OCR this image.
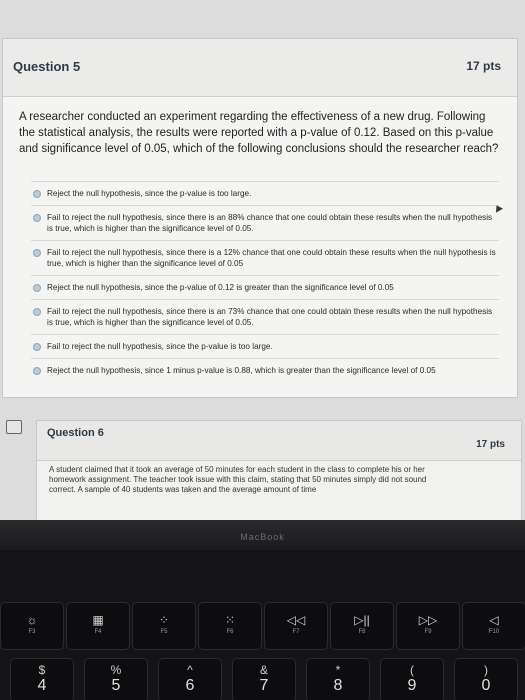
Question 5	17 pts
A researcher conducted an experiment regarding the effectiveness of a new drug. Following the statistical analysis, the results were reported with a p-value of 0.12. Based on this p-value and significance level of 0.05, which of the following conclusions should the researcher reach?
Reject the null hypothesis, since the p-value is too large.
Fail to reject the null hypothesis, since there is an 88% chance that one could obtain these results when the null hypothesis is true, which is higher than the significance level of 0.05.
Fail to reject the null hypothesis, since there is a 12% chance that one could obtain these results when the null hypothesis is true, which is higher than the significance level of 0.05
Reject the null hypothesis, since the p-value of 0.12 is greater than the significance level of 0.05
Fail to reject the null hypothesis, since there is an 73% chance that one could obtain these results when the null hypothesis is true, which is higher than the significance level of 0.05.
Fail to reject the null hypothesis, since the p-value is too large.
Reject the null hypothesis, since 1 minus p-value is 0.88, which is greater than the significance level of 0.05
Question 6
17 pts
A student claimed that it took an average of 50 minutes for each student in the class to complete his or her homework assignment. The teacher took issue with this claim, stating that 50 minutes simply did not sound correct. A sample of 40 students was taken and the average amount of time
MacBook
☼
F3
▦
F4
⁘
F5
⁙
F6
◁◁
F7
▷||
F8
▷▷
F9
◁
F10
$
4
%
5
^
6
&
7
*
8
(
9
)
0
